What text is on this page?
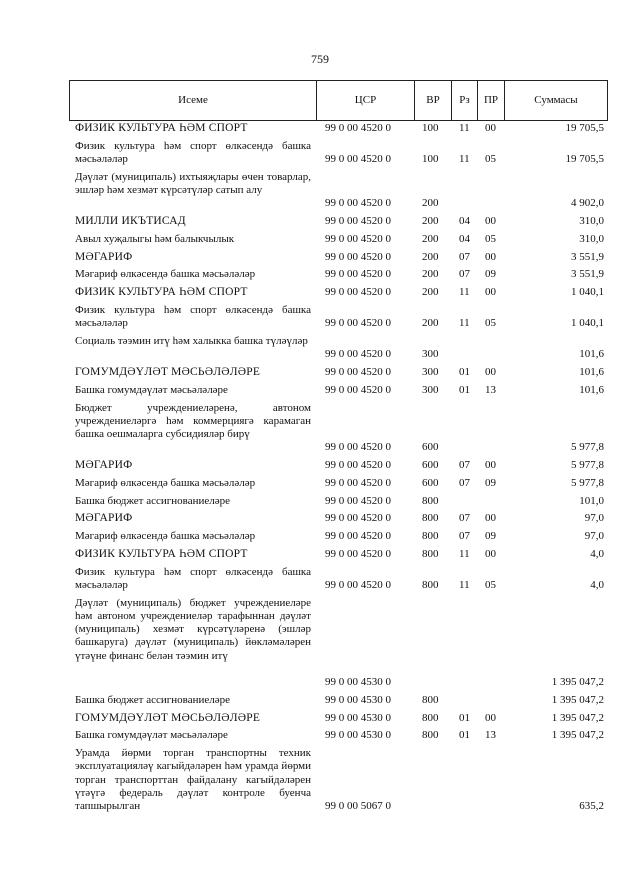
759
Исеме	ЦСР	ВР	Рз	ПР	Суммасы
ФИЗИК КУЛЬТУРА ҺӘМ СПОРТ	99 0 00 4520 0	100 11 00	19 705,5
Физик культура һәм спорт өлкәсендә башка мәсьәләләр	99 0 00 4520 0	100 11 05	19 705,5
Дәүләт (муниципаль) ихтыяҗлары өчен товарлар, эшләр һәм хезмәт күрсәтүләр сатып алу
99 0 00 4520 0	200	4 902,0
МИЛЛИ ИКЪТИСАД	99 0 00 4520 0	200 04 00	310,0
Авыл хуҗалыгы һәм балыкчылык	99 0 00 4520 0	200 04 05	310,0
МӘГАРИФ	99 0 00 4520 0	200 07 00	3 551,9
Мәгариф өлкәсендә башка мәсьәләләр	99 0 00 4520 0	200 07 09	3 551,9
ФИЗИК КУЛЬТУРА ҺӘМ СПОРТ	99 0 00 4520 0	200 11 00	1 040,1
Физик культура һәм спорт өлкәсендә башка мәсьәләләр	99 0 00 4520 0	200 11 05	1 040,1
Социаль тәэмин итү һәм халыкка башка түләүләр
99 0 00 4520 0	300	101,6
ГОМУМДӘҮЛӘТ МӘСЬӘЛӘЛӘРЕ	99 0 00 4520 0	300 01 00	101,6
Башка гомумдәүләт мәсьәләләре	99 0 00 4520 0	300 01 13	101,6
Бюджет учреждениеләренә, автоном учреждениеләргә һәм коммерциягә карамаган башка оешмаларга субсидияләр бирү
99 0 00 4520 0	600	5 977,8
МӘГАРИФ	99 0 00 4520 0	600 07 00	5 977,8
Мәгариф өлкәсендә башка мәсьәләләр	99 0 00 4520 0	600 07 09	5 977,8
Башка бюджет ассигнованиеләре	99 0 00 4520 0	800	101,0
МӘГАРИФ	99 0 00 4520 0	800 07 00	97,0
Мәгариф өлкәсендә башка мәсьәләләр	99 0 00 4520 0	800 07 09	97,0
ФИЗИК КУЛЬТУРА ҺӘМ СПОРТ	99 0 00 4520 0	800 11 00	4,0
Физик культура һәм спорт өлкәсендә башка мәсьәләләр	99 0 00 4520 0	800 11 05	4,0
Дәүләт (муниципаль) бюджет учреждениеләре һәм автоном учреждениеләр тарафыннан дәүләт (муниципаль) хезмәт күрсәтүләренә (эшләр башкаруга) дәүләт (муниципаль) йөкләмәләрен үтәүне финанс белән тәэмин итү
99 0 00 4530 0	1 395 047,2
Башка бюджет ассигнованиеләре	99 0 00 4530 0	800	1 395 047,2
ГОМУМДӘҮЛӘТ МӘСЬӘЛӘЛӘРЕ	99 0 00 4530 0	800 01 00	1 395 047,2
Башка гомумдәүләт мәсьәләләре	99 0 00 4530 0	800 01 13	1 395 047,2
Урамда йөрми торган транспортны техник эксплуатацияләү кагыйдәләрен һәм урамда йөрми торган транспорттан файдалану кагыйдәләрен үтәүгә федераль дәүләт контроле буенча тапшырылган	99 0 00 5067 0	635,2
